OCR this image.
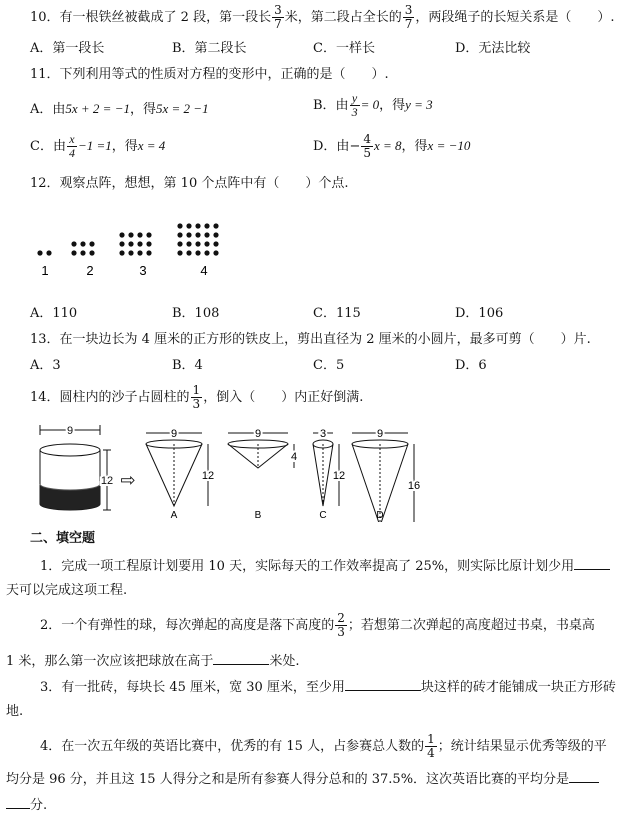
10．有一根铁丝被截成了 2 段，第一段长 $\frac{3}{7}$ 米，第二段占全长的 $\frac{3}{7}$ ，两段绳子的长短关系是（　　）.
A．第一段长	B．第二段长	C．一样长	D．无法比较
11．下列利用等式的性质对方程的变形中，正确的是（　　）.
A．由5x + 2 = −1，得5x = 2 −1	B．由 $\frac{y}{3} = 0$，得y = 3
C．由 $\frac{x}{4} -1 =1$，得x = 4	D．由− $\frac{4}{5}$ x = 8，得x = −10
12．观察点阵，想想，第 10 个点阵中有（　　）个点.
1	2	3	4
A．110	B．108	C．115	D．106
13．在一块边长为 4 厘米的正方形的铁皮上，剪出直径为 2 厘米的小圆片，最多可剪（　　）片.
A．3	B．4	C．5	D．6
14．圆柱内的沙子占圆柱的 $\frac{1}{3}$ ，倒入（　　）内正好倒满.
9
12 ⇨
9
12
A
9
4
B
3
12
C
9
16
D
二、填空题
1．完成一项工程原计划要用 10 天，实际每天的工作效率提高了 25%，则实际比原计划少用
天可以完成这项工程.
2．一个有弹性的球，每次弹起的高度是落下高度的 $\frac{2}{3}$ ；若想第二次弹起的高度超过书桌，书桌高
1 米，那么第一次应该把球放在高于	米处.
3．有一批砖，每块长 45 厘米，宽 30 厘米，至少用	块这样的砖才能铺成一块正方形砖
地.
4．在一次五年级的英语比赛中，优秀的有 15 人，占参赛总人数的 $\frac{1}{4}$ ；统计结果显示优秀等级的平
均分是 96 分，并且这 15 人得分之和是所有参赛人得分总和的 37.5%．这次英语比赛的平均分是
分.
